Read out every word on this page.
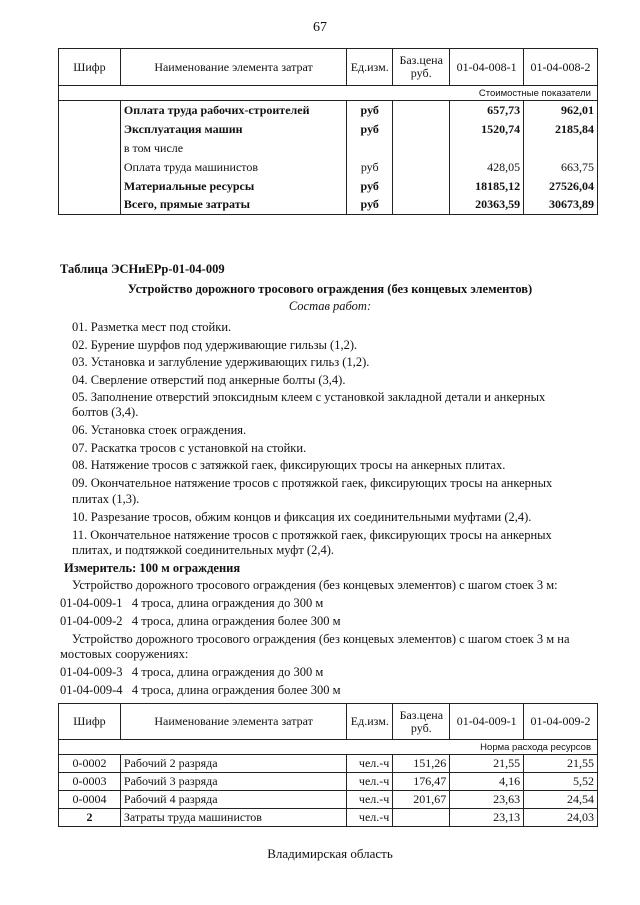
67
Шифр	Наименование элемента затрат	Ед.изм.	Баз.цена руб.	01-04-008-1	01-04-008-2
Стоимостные показатели					
	Оплата труда рабочих-строителей	руб		657,73	962,01
	Эксплуатация машин	руб		1520,74	2185,84
	в том числе				
	Оплата труда машинистов	руб		428,05	663,75
	Материальные ресурсы	руб		18185,12	27526,04
	Всего, прямые затраты	руб		20363,59	30673,89
Таблица ЭСНиЕРр-01-04-009
Устройство дорожного тросового ограждения (без концевых элементов)
Состав работ:
01. Разметка мест под стойки.
02. Бурение шурфов под удерживающие гильзы (1,2).
03. Установка и заглубление удерживающих гильз (1,2).
04. Сверление отверстий под анкерные болты (3,4).
05. Заполнение отверстий эпоксидным клеем с установкой закладной детали и анкерных
болтов (3,4).
06. Установка стоек ограждения.
07. Раскатка тросов с установкой на стойки.
08. Натяжение тросов с затяжкой гаек, фиксирующих тросы на анкерных плитах.
09. Окончательное натяжение тросов с протяжкой гаек, фиксирующих тросы на анкерных
плитах (1,3).
10. Разрезание тросов, обжим концов и фиксация их соединительными муфтами (2,4).
11. Окончательное натяжение тросов с протяжкой гаек, фиксирующих тросы на анкерных
плитах, и подтяжкой соединительных муфт (2,4).
Измеритель: 100 м ограждения
Устройство дорожного тросового ограждения (без концевых элементов) с шагом стоек 3 м:
01-04-009-1 4 троса, длина ограждения до 300 м
01-04-009-2 4 троса, длина ограждения более 300 м
Устройство дорожного тросового ограждения (без концевых элементов) с шагом стоек 3 м на
мостовых сооружениях:
01-04-009-3 4 троса, длина ограждения до 300 м
01-04-009-4 4 троса, длина ограждения более 300 м
Шифр	Наименование элемента затрат	Ед.изм.	Баз.цена руб.	01-04-009-1	01-04-009-2
Норма расхода ресурсов					
0-0002	Рабочий 2 разряда	чел.-ч	151,26	21,55	21,55
0-0003	Рабочий 3 разряда	чел.-ч	176,47	4,16	5,52
0-0004	Рабочий 4 разряда	чел.-ч	201,67	23,63	24,54
2	Затраты труда машинистов	чел.-ч		23,13	24,03
Владимирская область
